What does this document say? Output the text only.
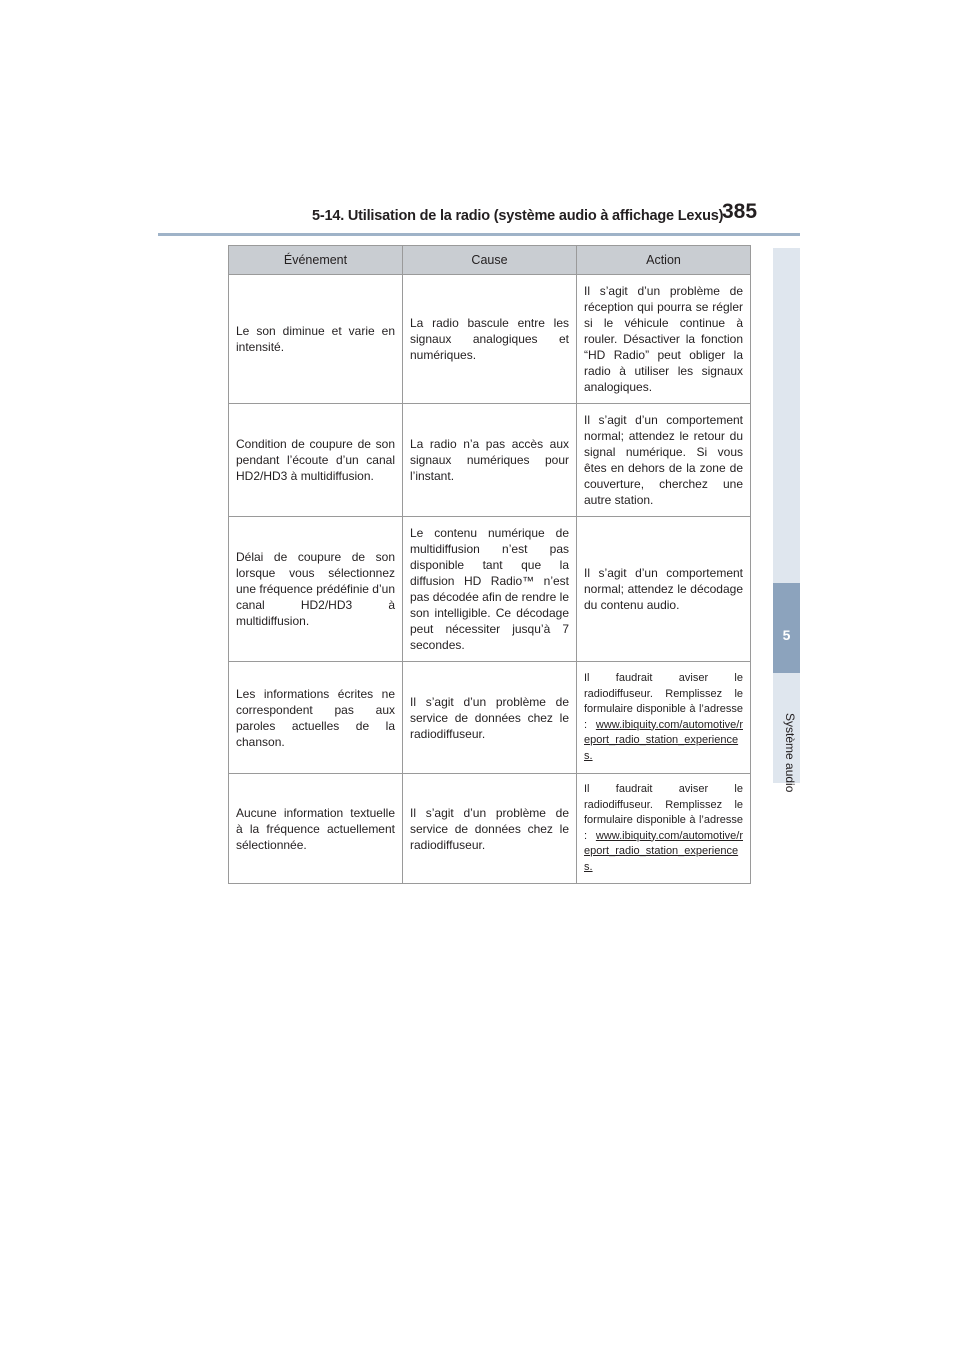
5-14. Utilisation de la radio (système audio à affichage Lexus)
385
5
Système audio
Événement	Cause	Action
Le son diminue et varie en intensité.	La radio bascule entre les signaux analogiques et numériques.	Il s’agit d’un problème de réception qui pourra se régler si le véhicule continue à rouler. Désactiver la fonction “HD Radio” peut obliger la radio à utiliser les signaux analogiques.
Condition de coupure de son pendant l’écoute d’un canal HD2/HD3 à multidiffusion.	La radio n’a pas accès aux signaux numériques pour l’instant.	Il s’agit d’un comportement normal; attendez le retour du signal numérique. Si vous êtes en dehors de la zone de couverture, cherchez une autre station.
Délai de coupure de son lorsque vous sélectionnez une fréquence prédéfinie d’un canal HD2/HD3 à multidiffusion.	Le contenu numérique de multidiffusion n’est pas disponible tant que la diffusion HD Radio™ n’est pas décodée afin de rendre le son intelligible. Ce décodage peut nécessiter jusqu’à 7 secondes.	Il s’agit d’un comportement normal; attendez le décodage du contenu audio.
Les informations écrites ne correspondent pas aux paroles actuelles de la chanson.	Il s’agit d’un problème de service de données chez le radiodiffuseur.	Il faudrait aviser le radiodiffuseur. Remplissez le formulaire disponible à l’adresse : www.ibiquity.com/automotive/report_radio_station_experiences.
Aucune information textuelle à la fréquence actuellement sélectionnée.	Il s’agit d’un problème de service de données chez le radiodiffuseur.	Il faudrait aviser le radiodiffuseur. Remplissez le formulaire disponible à l’adresse : www.ibiquity.com/automotive/report_radio_station_experiences.
